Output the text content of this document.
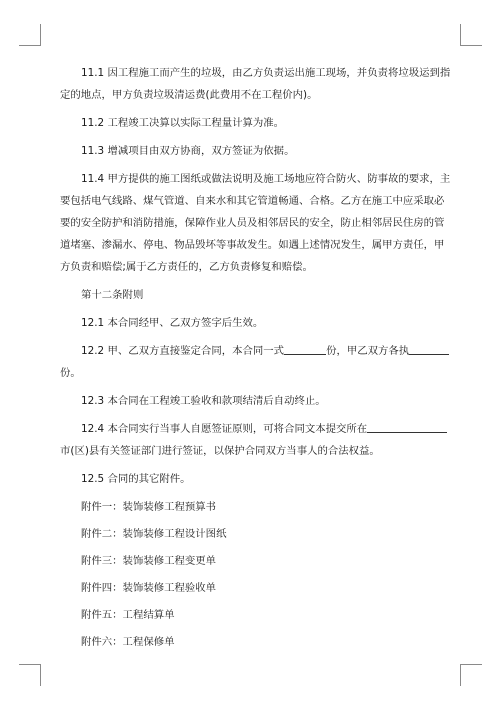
11.1 因工程施工而产生的垃圾，由乙方负责运出施工现场，并负责将垃圾运到指
定的地点，甲方负责垃圾清运费(此费用不在工程价内)。
11.2 工程竣工决算以实际工程量计算为准。
11.3 增减项目由双方协商，双方签证为依据。
11.4 甲方提供的施工图纸或做法说明及施工场地应符合防火、防事故的要求，主
要包括电气线路、煤气管道、自来水和其它管道畅通、合格。乙方在施工中应采取必
要的安全防护和消防措施，保障作业人员及相邻居民的安全，防止相邻居民住房的管
道堵塞、渗漏水、停电、物品毁坏等事故发生。如遇上述情况发生，属甲方责任，甲
方负责和赔偿;属于乙方责任的，乙方负责修复和赔偿。
第十二条附则
12.1 本合同经甲、乙双方签字后生效。
12.2 甲、乙双方直接鉴定合同，本合同一式	份，甲乙双方各执
份。
12.3 本合同在工程竣工验收和款项结清后自动终止。
12.4 本合同实行当事人自愿签证原则，可将合同文本提交所在
市(区)县有关签证部门进行签证，以保护合同双方当事人的合法权益。
12.5 合同的其它附件。
附件一：装饰装修工程预算书
附件二：装饰装修工程设计图纸
附件三：装饰装修工程变更单
附件四：装饰装修工程验收单
附件五：工程结算单
附件六：工程保修单
